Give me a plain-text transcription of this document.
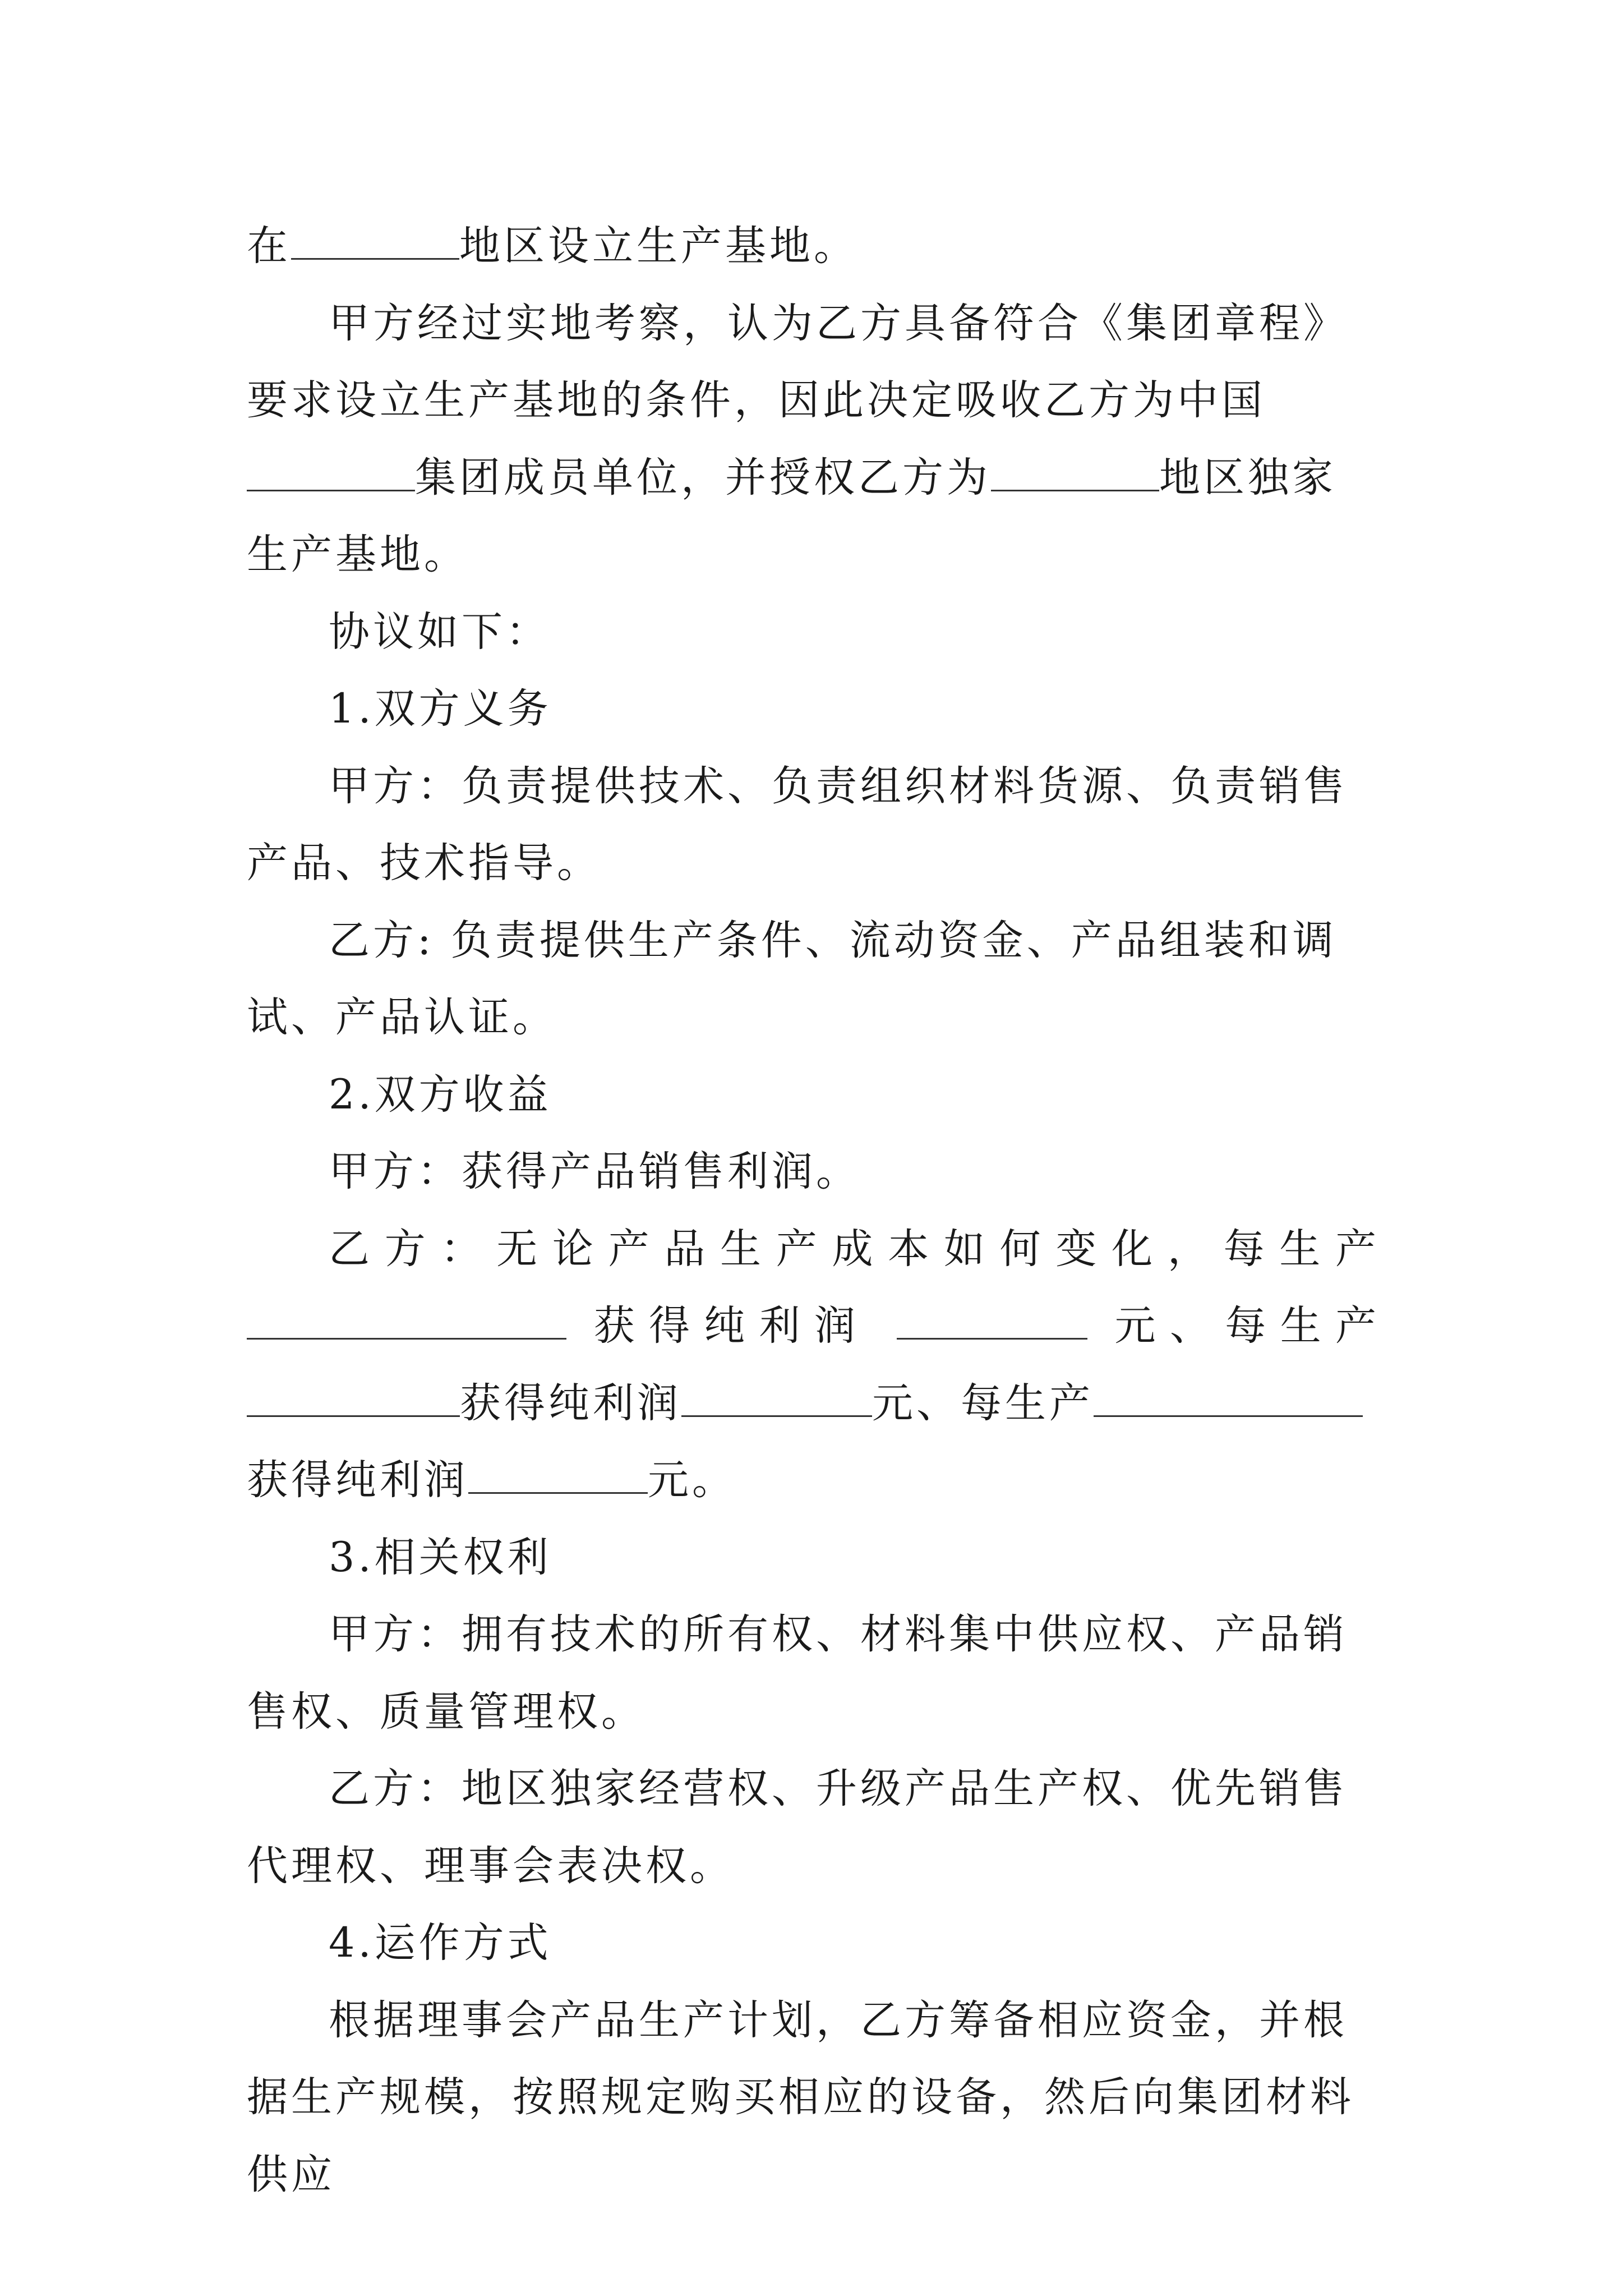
在	地区设立生产基地。

甲方经过实地考察，认为乙方具备符合《集团章程》要求设立生产基地的条件，因此决定吸收乙方为中国集团成员单位，并授权乙方为	地区独家生产基地。

协议如下：

1.双方义务

甲方：负责提供技术、负责组织材料货源、负责销售产品、技术指导。

乙方: 负责提供生产条件、流动资金、产品组装和调试、产品认证。

2.双方收益

甲方：获得产品销售利润。

乙方：无论产品生产成本如何变化，每生产  获得纯利润	元、每生产

获得纯利润	元、每生产
获得纯利润	元。

3.相关权利

甲方：拥有技术的所有权、材料集中供应权、产品销售权、质量管理权。

乙方：地区独家经营权、升级产品生产权、优先销售代理权、理事会表决权。

4.运作方式

根据理事会产品生产计划，乙方筹备相应资金，并根据生产规模，按照规定购买相应的设备，然后向集团材料供应
